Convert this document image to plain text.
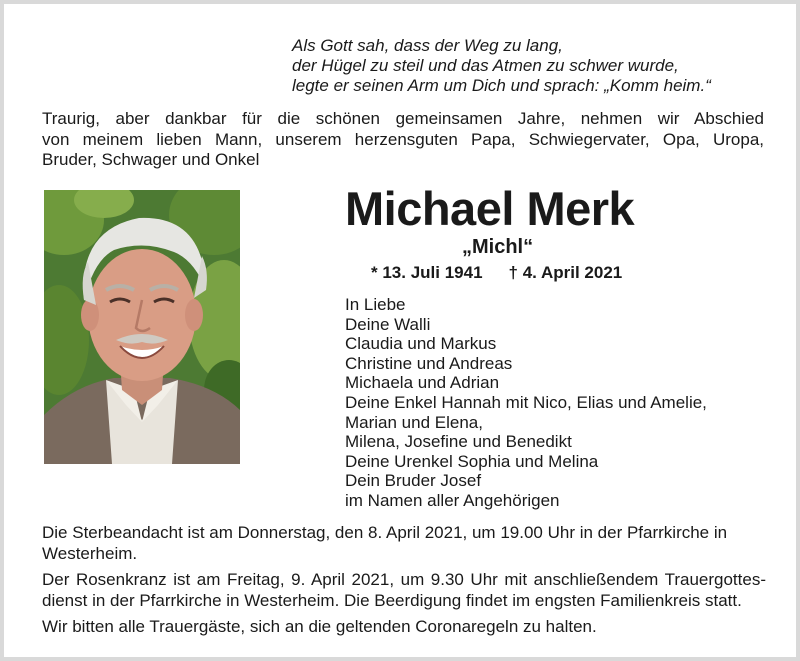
Als Gott sah, dass der Weg zu lang,
der Hügel zu steil und das Atmen zu schwer wurde,
legte er seinen Arm um Dich und sprach: „Komm heim.“
Traurig, aber dankbar für die schönen gemeinsamen Jahre, nehmen wir Abschied
von meinem lieben Mann, unserem herzensguten Papa, Schwiegervater, Opa, Uropa,
Bruder, Schwager und Onkel
Michael Merk
„Michl“
* 13. Juli 1941 † 4. April 2021
In Liebe
Deine Walli
Claudia und Markus
Christine und Andreas
Michaela und Adrian
Deine Enkel Hannah mit Nico, Elias und Amelie,
Marian und Elena,
Milena, Josefine und Benedikt
Deine Urenkel Sophia und Melina
Dein Bruder Josef
im Namen aller Angehörigen

Die Sterbeandacht ist am Donnerstag, den 8. April 2021, um 19.00 Uhr in der Pfarrkirche in
Westerheim.

Der Rosenkranz ist am Freitag, 9. April 2021, um 9.30 Uhr mit anschließendem Trauergottes-
dienst in der Pfarrkirche in Westerheim. Die Beerdigung findet im engsten Familienkreis statt.

Wir bitten alle Trauergäste, sich an die geltenden Coronaregeln zu halten.
